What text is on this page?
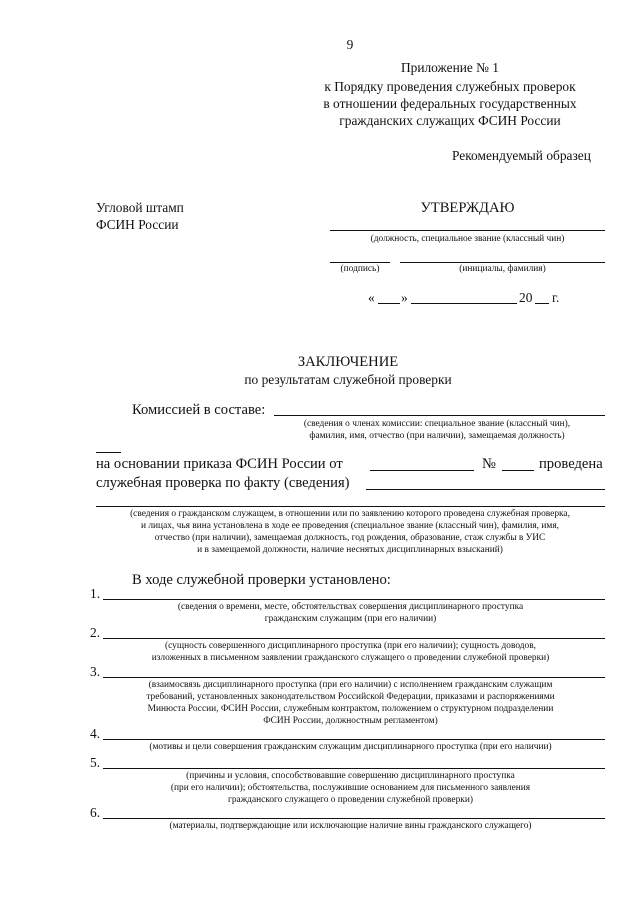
9
Приложение № 1
к Порядку проведения служебных проверок
в отношении федеральных государственных
гражданских служащих ФСИН России
Рекомендуемый образец
Угловой штамп
ФСИН России
УТВЕРЖДАЮ
(должность, специальное звание (классный чин)
(подпись)	(инициалы, фамилия)
« »	20 г.
ЗАКЛЮЧЕНИЕ
по результатам служебной проверки
Комиссией в составе:
(сведения о членах комиссии: специальное звание (классный чин),
фамилия, имя, отчество (при наличии), замещаемая должность)
на основании приказа ФСИН России от	№	проведена
служебная проверка по факту (сведения)
(сведения о гражданском служащем, в отношении или по заявлению которого проведена служебная проверка,
и лицах, чья вина установлена в ходе ее проведения (специальное звание (классный чин), фамилия, имя,
отчество (при наличии), замещаемая должность, год рождения, образование, стаж службы в УИС
и в замещаемой должности, наличие неснятых дисциплинарных взысканий)
В ходе служебной проверки установлено:
1.
(сведения о времени, месте, обстоятельствах совершения дисциплинарного проступка
гражданским служащим (при его наличии)
2.
(сущность совершенного дисциплинарного проступка (при его наличии); сущность доводов,
изложенных в письменном заявлении гражданского служащего о проведении служебной проверки)
3.
(взаимосвязь дисциплинарного проступка (при его наличии) с исполнением гражданским служащим
требований, установленных законодательством Российской Федерации, приказами и распоряжениями
Минюста России, ФСИН России, служебным контрактом, положением о структурном подразделении
ФСИН России, должностным регламентом)
4.
(мотивы и цели совершения гражданским служащим дисциплинарного проступка (при его наличии)
5.
(причины и условия, способствовавшие совершению дисциплинарного проступка
(при его наличии); обстоятельства, послужившие основанием для письменного заявления
гражданского служащего о проведении служебной проверки)
6.
(материалы, подтверждающие или исключающие наличие вины гражданского служащего)
